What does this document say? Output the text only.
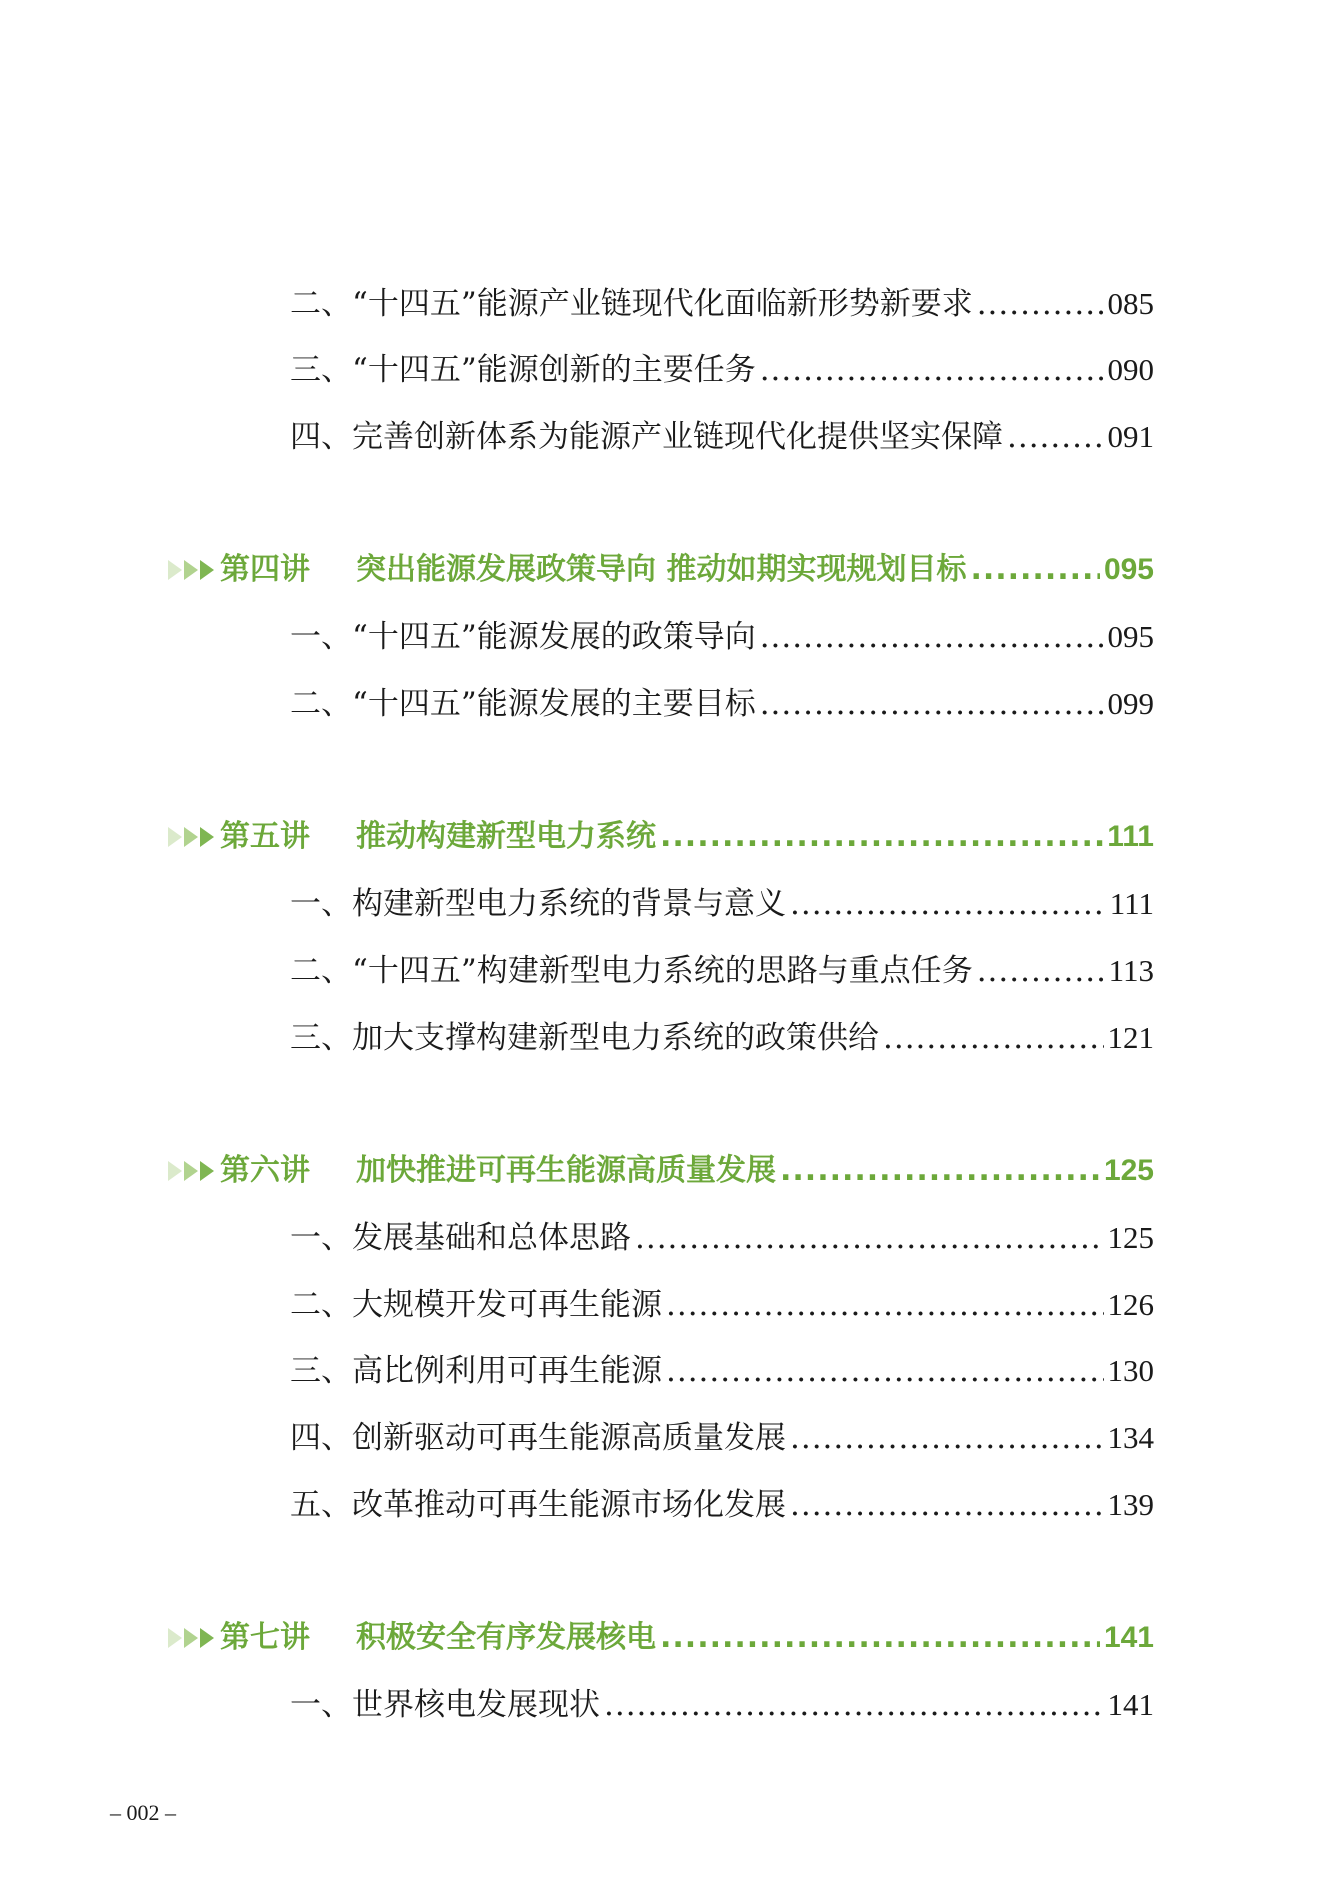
二、“十四五”能源产业链现代化面临新形势新要求 .....	085
三、“十四五”能源创新的主要任务 .....	090
四、完善创新体系为能源产业链现代化提供坚实保障 .....	091
第四讲	突出能源发展政策导向 推动如期实现规划目标 .....	095
一、“十四五”能源发展的政策导向 .....	095
二、“十四五”能源发展的主要目标 .....	099
第五讲	推动构建新型电力系统 .....	111
一、构建新型电力系统的背景与意义 .....	111
二、“十四五”构建新型电力系统的思路与重点任务 .....	113
三、加大支撑构建新型电力系统的政策供给 .....	121
第六讲	加快推进可再生能源高质量发展 .....	125
一、发展基础和总体思路 .....	125
二、大规模开发可再生能源 .....	126
三、高比例利用可再生能源 .....	130
四、创新驱动可再生能源高质量发展 .....	134
五、改革推动可再生能源市场化发展 .....	139
第七讲	积极安全有序发展核电 .....	141
一、世界核电发展现状 .....	141
– 002 –
